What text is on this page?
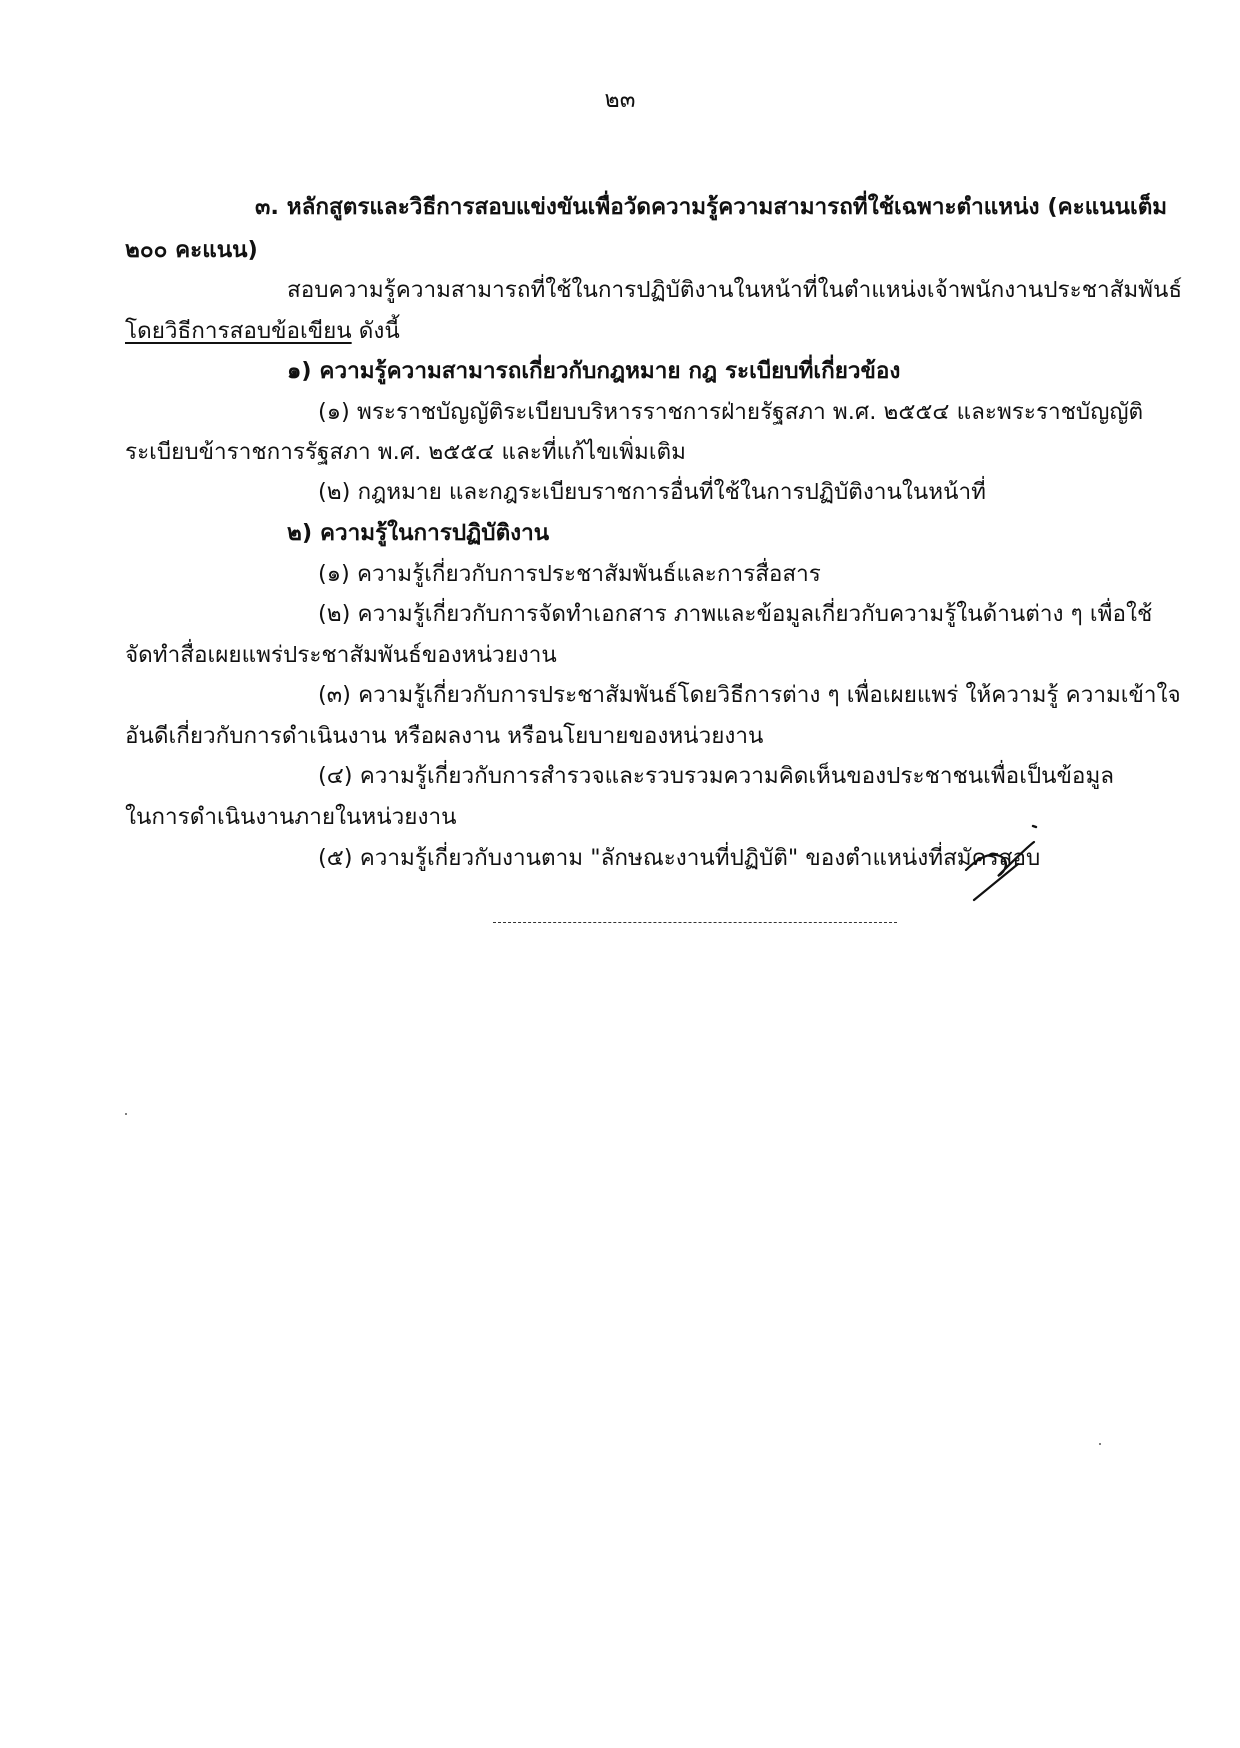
๒๓
๓. หลักสูตรและวิธีการสอบแข่งขันเพื่อวัดความรู้ความสามารถที่ใช้เฉพาะตำแหน่ง (คะแนนเต็ม
๒๐๐ คะแนน)
สอบความรู้ความสามารถที่ใช้ในการปฏิบัติงานในหน้าที่ในตำแหน่งเจ้าพนักงานประชาสัมพันธ์
โดยวิธีการสอบข้อเขียน ดังนี้
๑) ความรู้ความสามารถเกี่ยวกับกฎหมาย กฎ ระเบียบที่เกี่ยวข้อง
(๑) พระราชบัญญัติระเบียบบริหารราชการฝ่ายรัฐสภา พ.ศ. ๒๕๕๔ และพระราชบัญญัติ
ระเบียบข้าราชการรัฐสภา พ.ศ. ๒๕๕๔ และที่แก้ไขเพิ่มเติม
(๒) กฎหมาย และกฎระเบียบราชการอื่นที่ใช้ในการปฏิบัติงานในหน้าที่
๒) ความรู้ในการปฏิบัติงาน
(๑) ความรู้เกี่ยวกับการประชาสัมพันธ์และการสื่อสาร
(๒) ความรู้เกี่ยวกับการจัดทำเอกสาร ภาพและข้อมูลเกี่ยวกับความรู้ในด้านต่าง ๆ เพื่อใช้
จัดทำสื่อเผยแพร่ประชาสัมพันธ์ของหน่วยงาน
(๓) ความรู้เกี่ยวกับการประชาสัมพันธ์โดยวิธีการต่าง ๆ เพื่อเผยแพร่ ให้ความรู้ ความเข้าใจ
อันดีเกี่ยวกับการดำเนินงาน หรือผลงาน หรือนโยบายของหน่วยงาน
(๔) ความรู้เกี่ยวกับการสำรวจและรวบรวมความคิดเห็นของประชาชนเพื่อเป็นข้อมูล
ในการดำเนินงานภายในหน่วยงาน
(๕) ความรู้เกี่ยวกับงานตาม "ลักษณะงานที่ปฏิบัติ" ของตำแหน่งที่สมัครสอบ
